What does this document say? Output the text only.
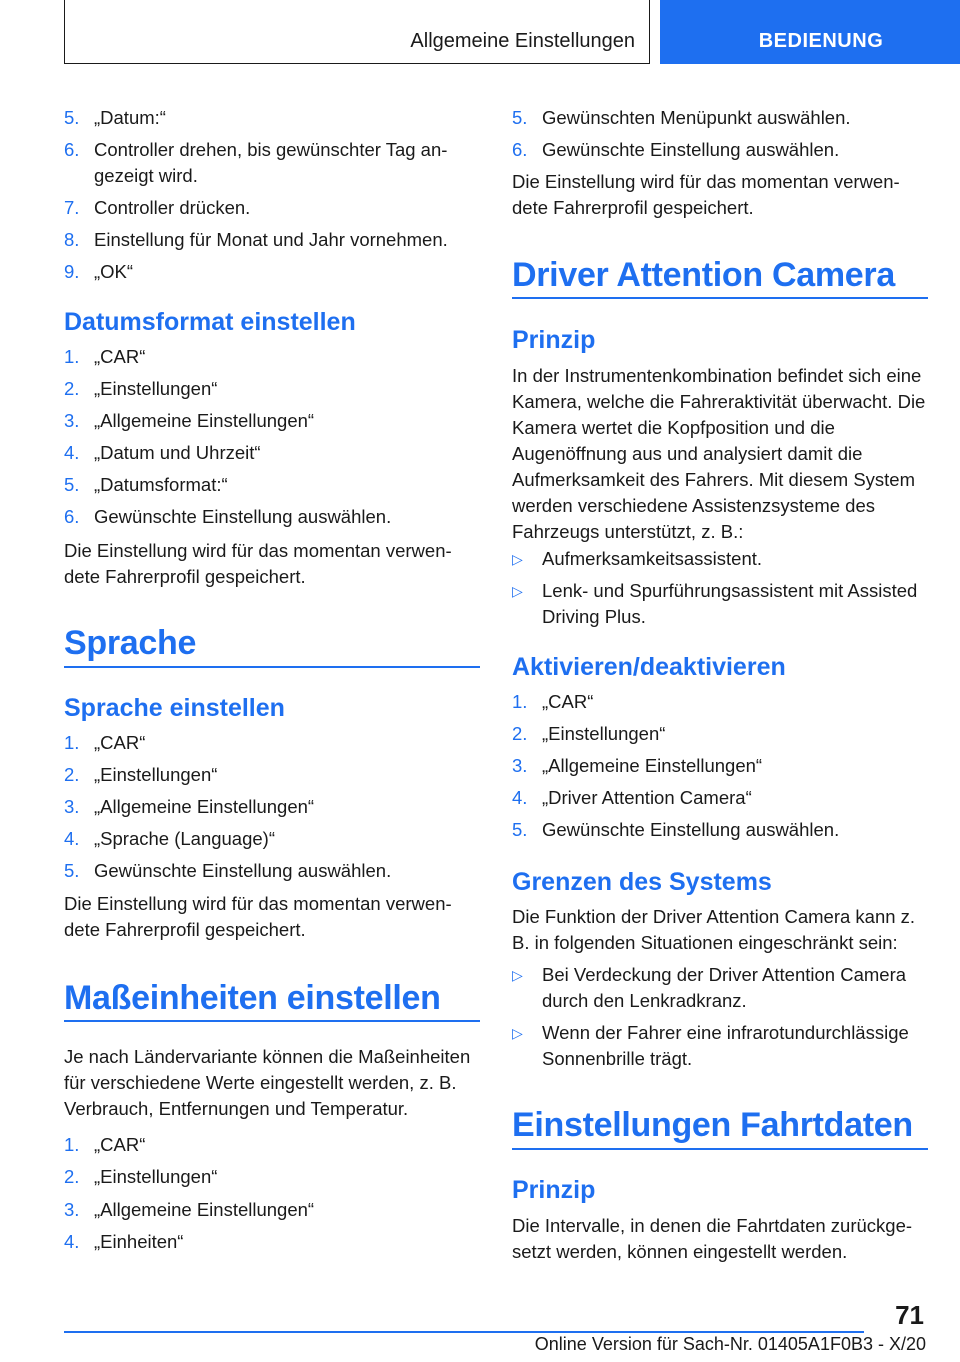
Allgemeine Einstellungen	BEDIENUNG
5. „Datum:“
6. Controller drehen, bis gewünschter Tag angezeigt wird.
7. Controller drücken.
8. Einstellung für Monat und Jahr vornehmen.
9. „OK“
Datumsformat einstellen
1. „CAR“
2. „Einstellungen“
3. „Allgemeine Einstellungen“
4. „Datum und Uhrzeit“
5. „Datumsformat:“
6. Gewünschte Einstellung auswählen.
Die Einstellung wird für das momentan verwendete Fahrerprofil gespeichert.
Sprache
Sprache einstellen
1. „CAR“
2. „Einstellungen“
3. „Allgemeine Einstellungen“
4. „Sprache (Language)“
5. Gewünschte Einstellung auswählen.
Die Einstellung wird für das momentan verwendete Fahrerprofil gespeichert.
Maßeinheiten einstellen
Je nach Ländervariante können die Maßeinheiten für verschiedene Werte eingestellt werden, z. B. Verbrauch, Entfernungen und Temperatur.
1. „CAR“
2. „Einstellungen“
3. „Allgemeine Einstellungen“
4. „Einheiten“
5. Gewünschten Menüpunkt auswählen.
6. Gewünschte Einstellung auswählen.
Die Einstellung wird für das momentan verwendete Fahrerprofil gespeichert.
Driver Attention Camera
Prinzip
In der Instrumentenkombination befindet sich eine Kamera, welche die Fahreraktivität überwacht. Die Kamera wertet die Kopfposition und die Augenöffnung aus und analysiert damit die Aufmerksamkeit des Fahrers. Mit diesem System werden verschiedene Assistenzsysteme des Fahrzeugs unterstützt, z. B.:
▷ Aufmerksamkeitsassistent.
▷ Lenk- und Spurführungsassistent mit Assisted Driving Plus.
Aktivieren/deaktivieren
1. „CAR“
2. „Einstellungen“
3. „Allgemeine Einstellungen“
4. „Driver Attention Camera“
5. Gewünschte Einstellung auswählen.
Grenzen des Systems
Die Funktion der Driver Attention Camera kann z. B. in folgenden Situationen eingeschränkt sein:
▷ Bei Verdeckung der Driver Attention Camera durch den Lenkradkranz.
▷ Wenn der Fahrer eine infrarotundurchlässige Sonnenbrille trägt.
Einstellungen Fahrtdaten
Prinzip
Die Intervalle, in denen die Fahrtdaten zurückgesetzt werden, können eingestellt werden.
71
Online Version für Sach-Nr. 01405A1F0B3 - X/20
